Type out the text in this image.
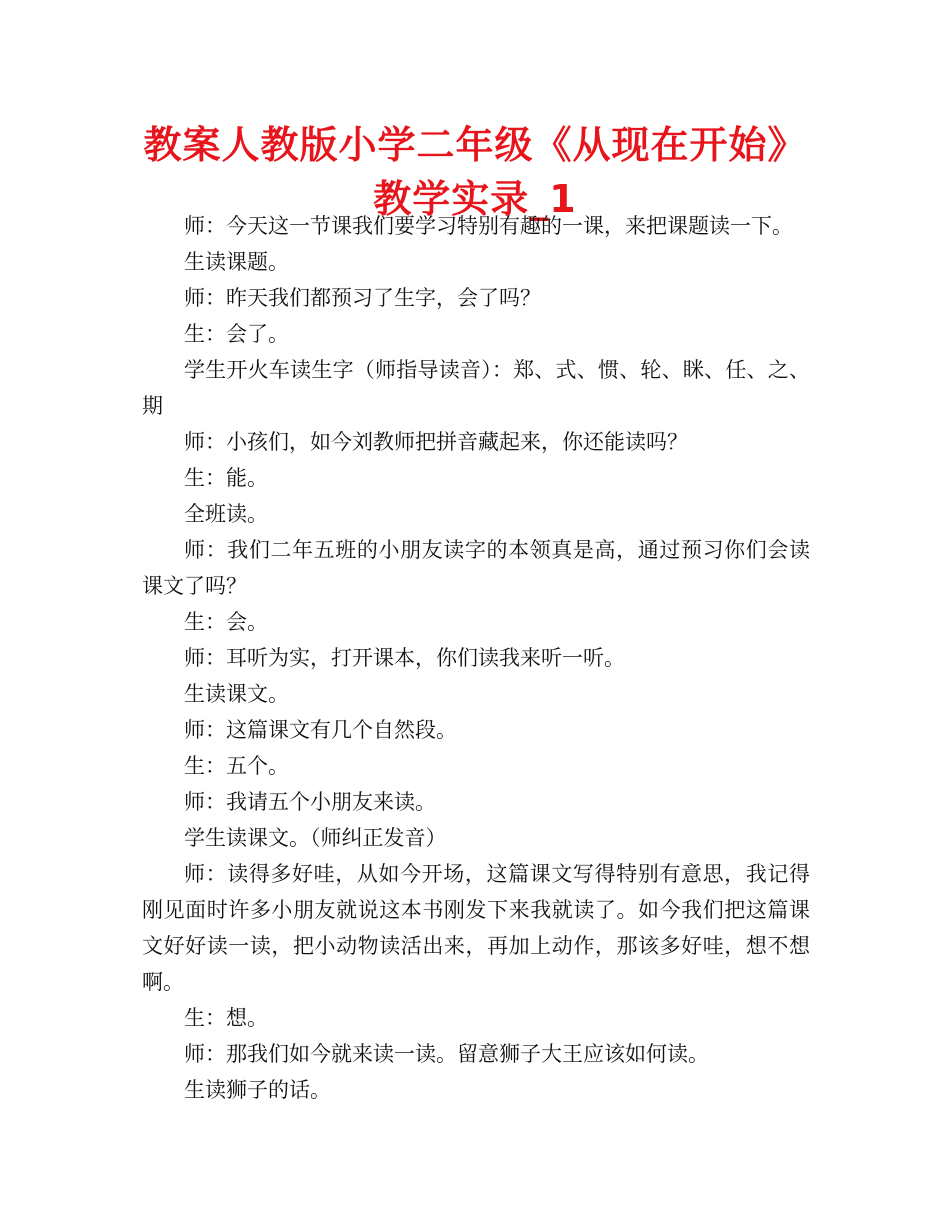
教案人教版小学二年级《从现在开始》教学实录_1

师：今天这一节课我们要学习特别有趣的一课，来把课题读一下。

生读课题。

师：昨天我们都预习了生字，会了吗？

生：会了。

学生开火车读生字（师指导读音）：郑、式、惯、轮、眯、任、之、期

师：小孩们，如今刘教师把拼音藏起来，你还能读吗？

生：能。

全班读。

师：我们二年五班的小朋友读字的本领真是高，通过预习你们会读课文了吗？

生：会。

师：耳听为实，打开课本，你们读我来听一听。

生读课文。

师：这篇课文有几个自然段。

生：五个。

师：我请五个小朋友来读。

学生读课文。（师纠正发音）

师：读得多好哇，从如今开场，这篇课文写得特别有意思，我记得刚见面时许多小朋友就说这本书刚发下来我就读了。如今我们把这篇课文好好读一读，把小动物读活出来，再加上动作，那该多好哇，想不想啊。

生：想。

师：那我们如今就来读一读。留意狮子大王应该如何读。

生读狮子的话。
